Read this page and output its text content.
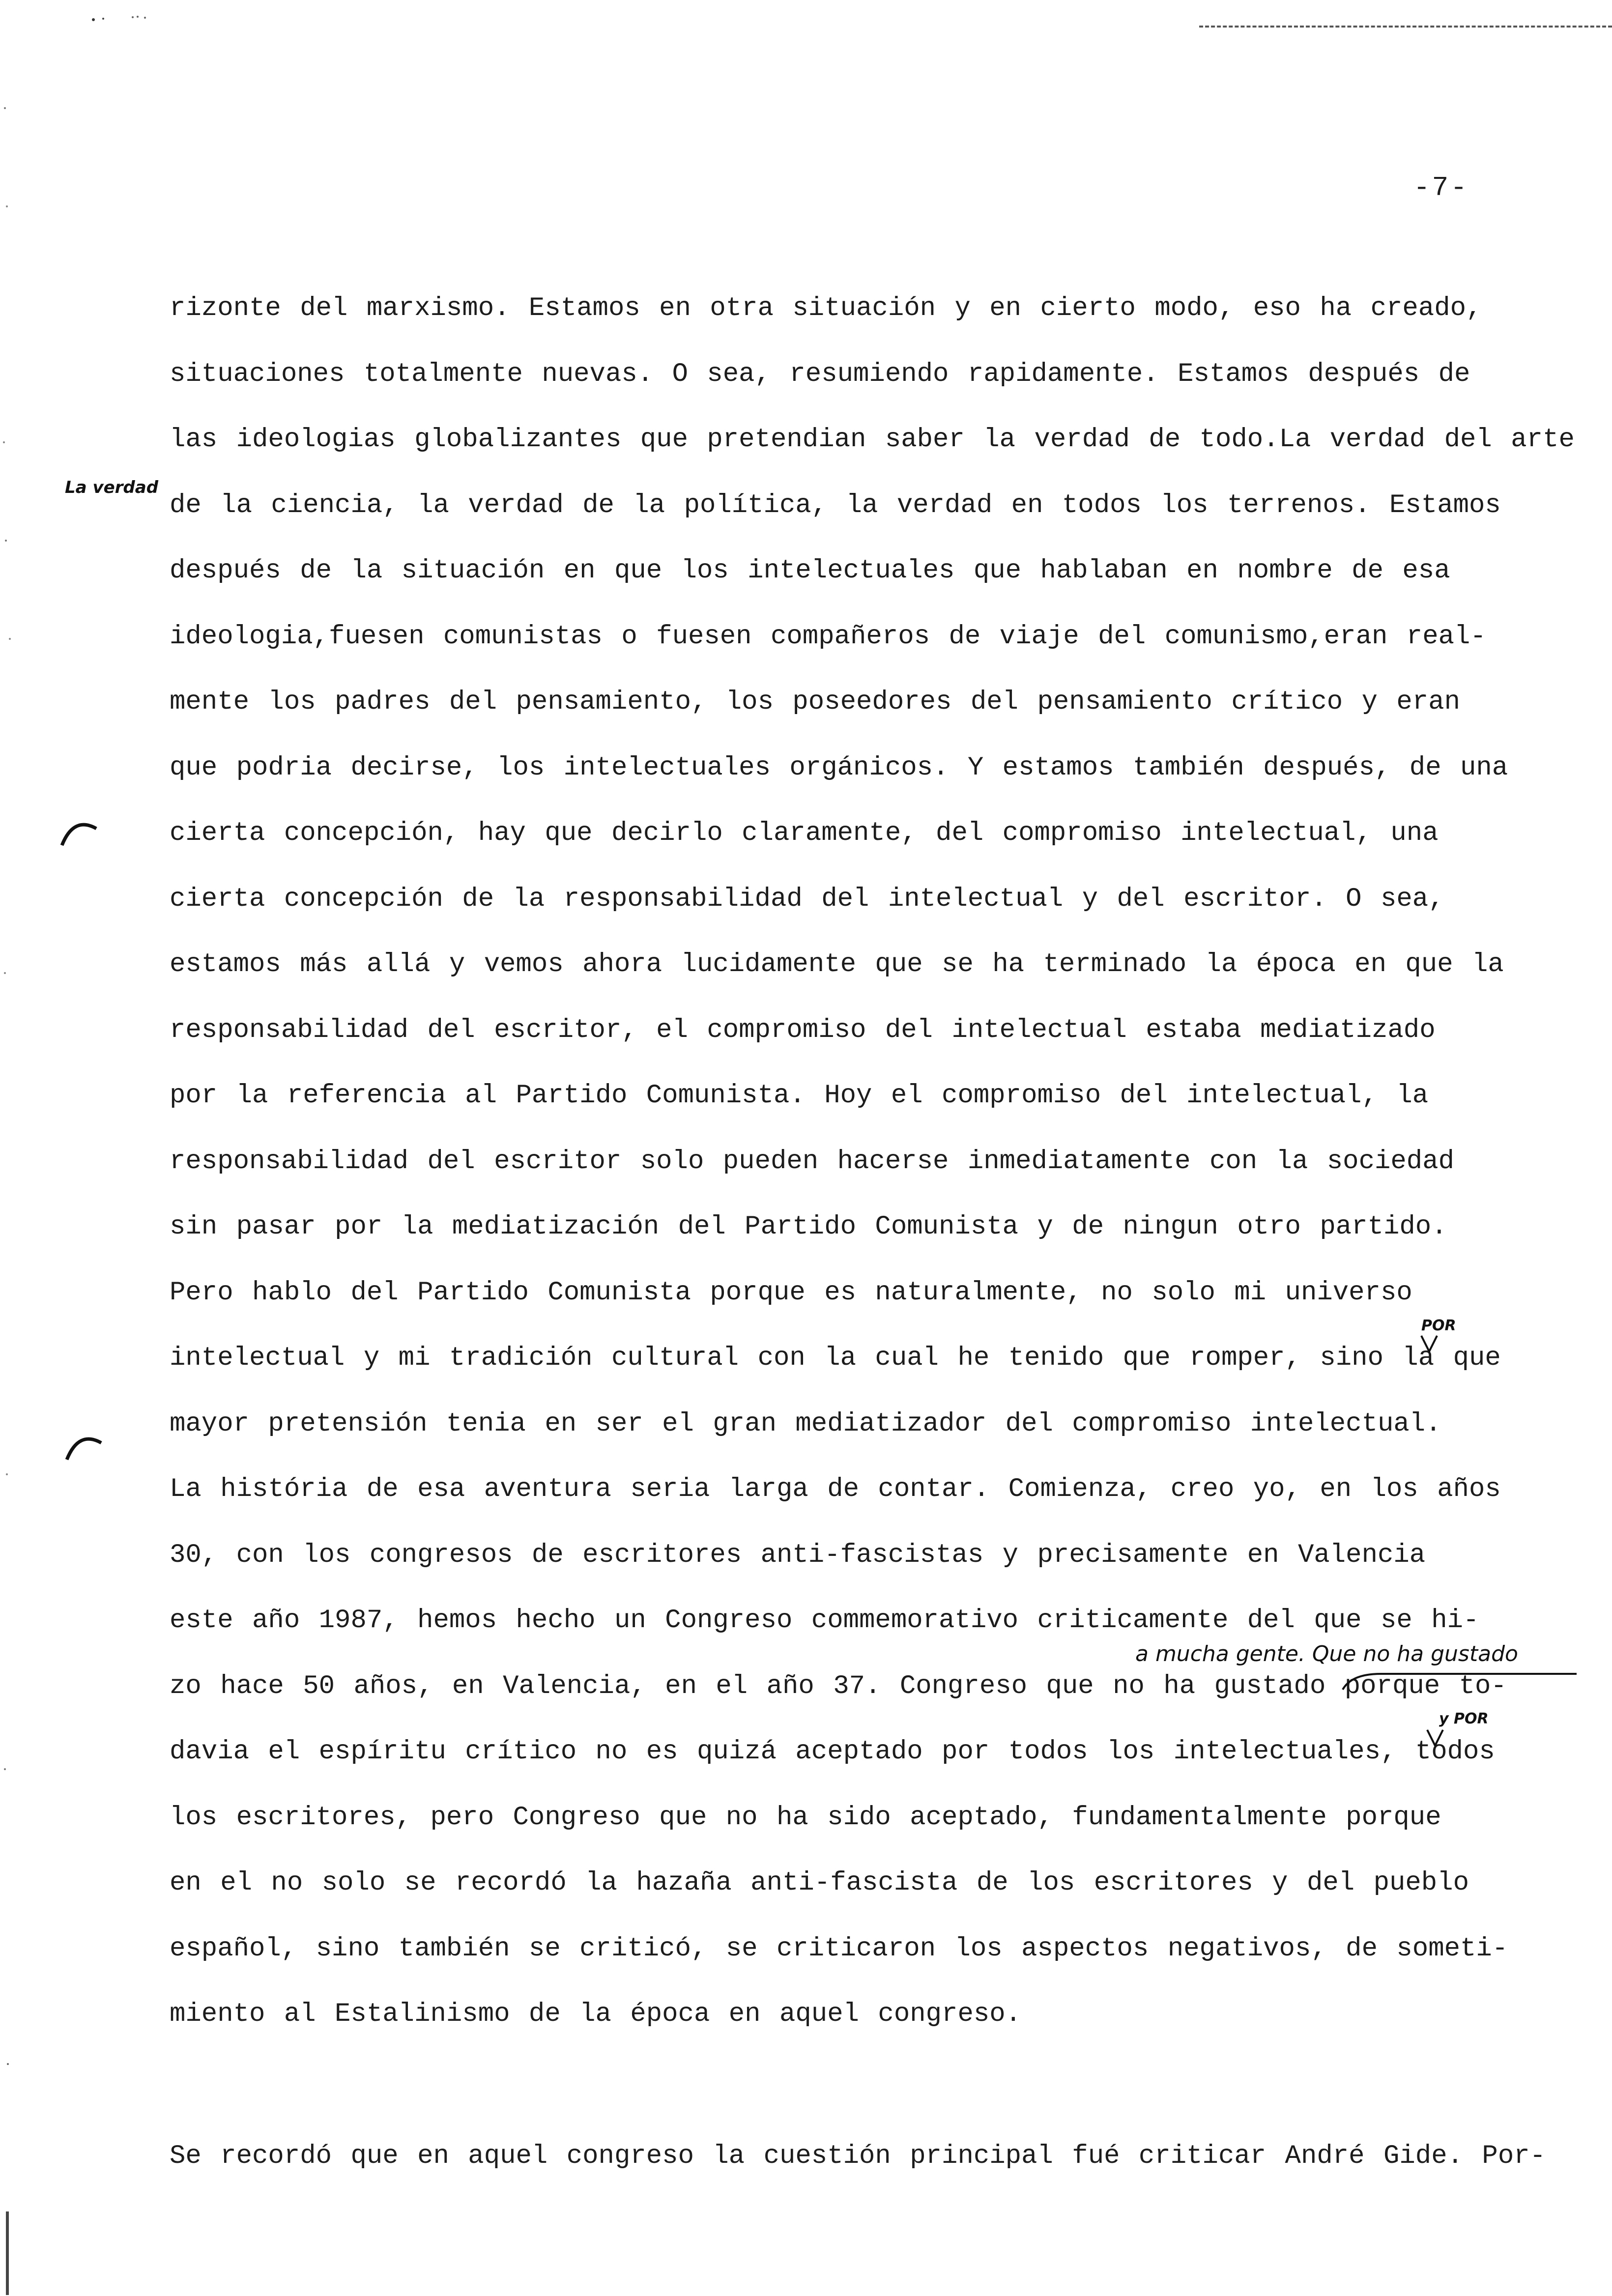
-7-
rizonte del marxismo. Estamos en otra situación y en cierto modo, eso ha creado,
situaciones totalmente nuevas. O sea, resumiendo rapidamente. Estamos después de
las ideologias globalizantes que pretendian saber la verdad de todo.La verdad del arte
de la ciencia, la verdad de la política, la verdad en todos los terrenos. Estamos
después de la situación en que los intelectuales que hablaban en nombre de esa
ideologia,fuesen comunistas o fuesen compañeros de viaje del comunismo,eran real-
mente los padres del pensamiento, los poseedores del pensamiento crítico y eran
que podria decirse, los intelectuales orgánicos. Y estamos también después, de una
cierta concepción, hay que decirlo claramente, del compromiso intelectual, una
cierta concepción de la responsabilidad del intelectual y del escritor. O sea,
estamos más allá y vemos ahora lucidamente que se ha terminado la época en que la
responsabilidad del escritor, el compromiso del intelectual estaba mediatizado
por la referencia al Partido Comunista. Hoy el compromiso del intelectual, la
responsabilidad del escritor solo pueden hacerse inmediatamente con la sociedad
sin pasar por la mediatización del Partido Comunista y de ningun otro partido.
Pero hablo del Partido Comunista porque es naturalmente, no solo mi universo
intelectual y mi tradición cultural con la cual he tenido que romper, sino la que
mayor pretensión tenia en ser el gran mediatizador del compromiso intelectual.
La história de esa aventura seria larga de contar. Comienza, creo yo, en los años
30, con los congresos de escritores anti-fascistas y precisamente en Valencia
este año 1987, hemos hecho un Congreso commemorativo criticamente del que se hi-
zo hace 50 años, en Valencia, en el año 37. Congreso que no ha gustado porque to-
davia el espíritu crítico no es quizá aceptado por todos los intelectuales, todos
los escritores, pero Congreso que no ha sido aceptado, fundamentalmente porque
en el no solo se recordó la hazaña anti-fascista de los escritores y del pueblo
español, sino también se criticó, se criticaron los aspectos negativos, de someti-
miento al Estalinismo de la época en aquel congreso.
Se recordó que en aquel congreso la cuestión principal fué criticar André Gide. Por-
La verdad
POR
a mucha gente. Que no ha gustado
y POR
